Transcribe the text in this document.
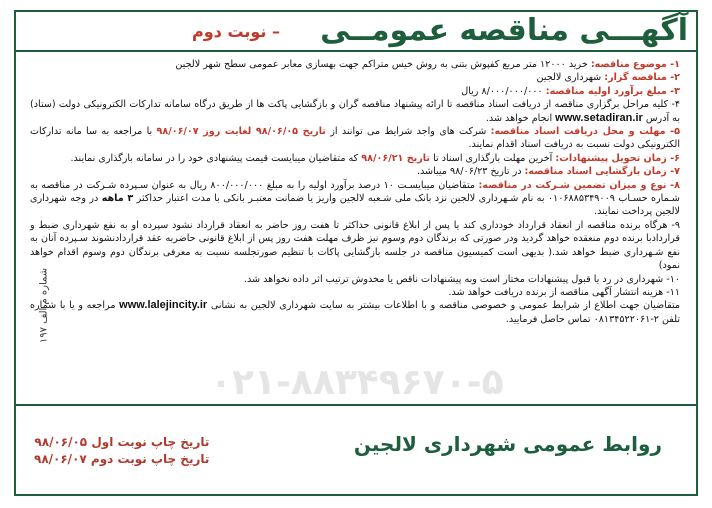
آگهـــی مناقصه عمومــی
– نوبت دوم

۱- موضوع مناقصه: خرید ۱۲۰۰۰ متر مربع کفپوش بتنی به روش خیس متراکم جهت بهسازی معابر عمومی سطح شهر لالجین

۲- مناقصه گزار: شهرداری لالجین

۳- مبلغ برآورد اولیه مناقصه: ۸/۰۰۰/۰۰۰/۰۰۰ ریال

۴- کلیه مراحل برگزاری مناقصه از دریافت اسناد مناقصه تا ارائه پیشنهاد مناقصه گران و بازگشایی پاکت ها از طریق درگاه سامانه تدارکات الکترونیکی دولت (ستاد) به آدرس www.setadiran.ir انجام خواهد شد.

۵- مهلت و محل دریافت اسناد مناقصه: شرکت های واجد شرایط می توانند از تاریخ ۹۸/۰۶/۰۵ لغایت روز ۹۸/۰۶/۰۷ با مراجعه به سا مانه تدارکات الکترونیکی دولت نسبت به دریافت اسناد اقدام نمایند.

۶- زمان تحویل پیشنهادات: آخرین مهلت بارگذاری اسناد تا تاریخ ۹۸/۰۶/۲۱ که متقاضیان میبایست قیمت پیشنهادی خود را در سامانه بارگذاری نمایند.

۷- زمان بازگشایی اسناد مناقصه: در تاریخ ۹۸/۰۶/۲۳ میباشد.

۸- نوع و میزان تضمین شـرکت در مناقصه: متقاضیان میبایسـت ۱۰ درصد برآورد اولیه را به مبلغ ۸۰۰/۰۰۰/۰۰۰ ریال به عنوان سـپرده شـرکت در مناقصه به شـماره حسـاب ۰۱۰۶۸۸۵۳۴۹۰۰۹ به نام شـهرداری لالجین نزد بانک ملی شـعبه لالجین واریز یا ضمانت معتبـر بانکی با مدت اعتبار حداکثر ۳ ماهه در وجه شهرداری لالجین پرداخت نمایند.

۹- هرگاه برنده مناقصه از انعقاد قرارداد خودداری کند یا پس از ابلاغ قانونی حداکثر تا هفت روز حاضر به انعقاد قرارداد نشود سپرده او به نفع شهرداری ضبط و قراردادبا برنده دوم منعقده خواهد گردید ودر صورتی که برندگان دوم وسوم نیز ظرف مهلت هفت روز پس از ابلاغ قانونی حاضربه عقد قراردادنشوند سـپرده آنان به نفع شـهرداری ضبط خواهد شد.( بدیهی است کمیسیون مناقصه در جلسه بازگشایی پاکات با تنظیم صورتجلسه نسبت به معرفی برندگان دوم وسوم اقدام خواهد نمود)

۱۰- شهرداری در رد یا قبول پیشنهادات مختار است وبه پیشنهادات ناقص یا مخدوش ترتیب اثر داده نخواهد شد.

۱۱- هزینه انتشار آگهی مناقصه از برنده دریافت خواهد شد.

متقاضیان جهت اطلاع از شرایط عمومی و خصوصی مناقصه و با اطلاعات بیشتر به سایت شهرداری لالجین به نشانی www.lalejincity.ir مراجعه و یا با شماره تلفن ۲-۰۸۱۳۴۵۲۲۰۶۱ تماس حاصل فرمایید.

۰۲۱-۸۸۳۴۹۶۷۰-۵
شماره م الف ۱۹۷
تاریخ چاپ نوبت اول ۹۸/۰۶/۰۵
تاریخ چاپ نوبت دوم ۹۸/۰۶/۰۷
روابط عمومی شهرداری لالجین
